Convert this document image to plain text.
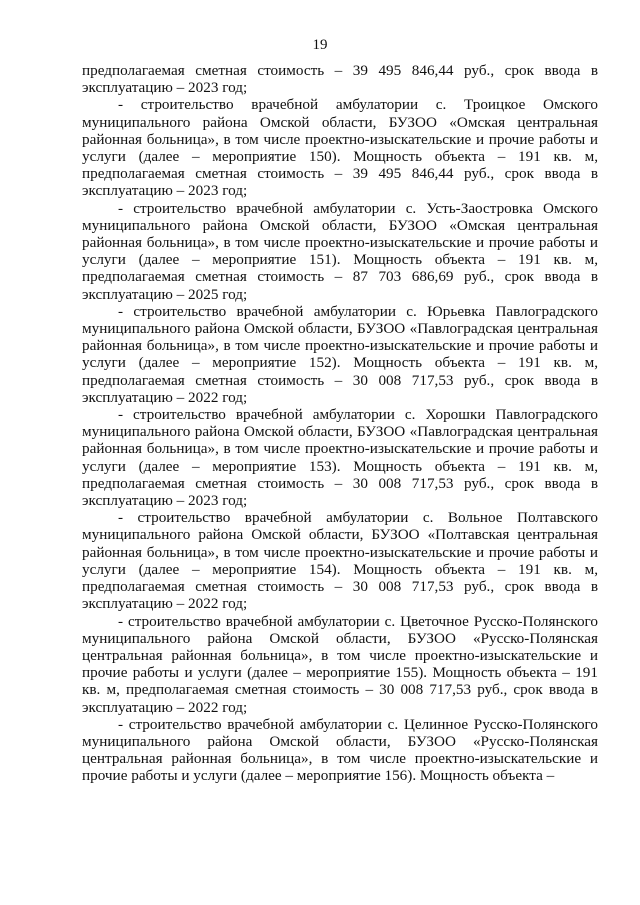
19

предполагаемая сметная стоимость – 39 495 846,44 руб., срок ввода в эксплуатацию – 2023 год;

- строительство врачебной амбулатории с. Троицкое Омского муниципального района Омской области, БУЗОО «Омская центральная районная больница», в том числе проектно-изыскательские и прочие работы и услуги (далее – мероприятие 150). Мощность объекта – 191 кв. м, предполагаемая сметная стоимость – 39 495 846,44 руб., срок ввода в эксплуатацию – 2023 год;

- строительство врачебной амбулатории с. Усть-Заостровка Омского муниципального района Омской области, БУЗОО «Омская центральная районная больница», в том числе проектно-изыскательские и прочие работы и услуги (далее – мероприятие 151). Мощность объекта – 191 кв. м, предполагаемая сметная стоимость – 87 703 686,69 руб., срок ввода в эксплуатацию – 2025 год;

- строительство врачебной амбулатории с. Юрьевка Павлоградского муниципального района Омской области, БУЗОО «Павлоградская центральная районная больница», в том числе проектно-изыскательские и прочие работы и услуги (далее – мероприятие 152). Мощность объекта – 191 кв. м, предполагаемая сметная стоимость – 30 008 717,53 руб., срок ввода в эксплуатацию – 2022 год;

- строительство врачебной амбулатории с. Хорошки Павлоградского муниципального района Омской области, БУЗОО «Павлоградская центральная районная больница», в том числе проектно-изыскательские и прочие работы и услуги (далее – мероприятие 153). Мощность объекта – 191 кв. м, предполагаемая сметная стоимость – 30 008 717,53 руб., срок ввода в эксплуатацию – 2023 год;

- строительство врачебной амбулатории с. Вольное Полтавского муниципального района Омской области, БУЗОО «Полтавская центральная районная больница», в том числе проектно-изыскательские и прочие работы и услуги (далее – мероприятие 154). Мощность объекта – 191 кв. м, предполагаемая сметная стоимость – 30 008 717,53 руб., срок ввода в эксплуатацию – 2022 год;

- строительство врачебной амбулатории с. Цветочное Русско-Полянского муниципального района Омской области, БУЗОО «Русско-Полянская центральная районная больница», в том числе проектно-изыскательские и прочие работы и услуги (далее – мероприятие 155). Мощность объекта – 191 кв. м, предполагаемая сметная стоимость – 30 008 717,53 руб., срок ввода в эксплуатацию – 2022 год;

- строительство врачебной амбулатории с. Целинное Русско-Полянского муниципального района Омской области, БУЗОО «Русско-Полянская центральная районная больница», в том числе проектно-изыскательские и прочие работы и услуги (далее – мероприятие 156). Мощность объекта –
